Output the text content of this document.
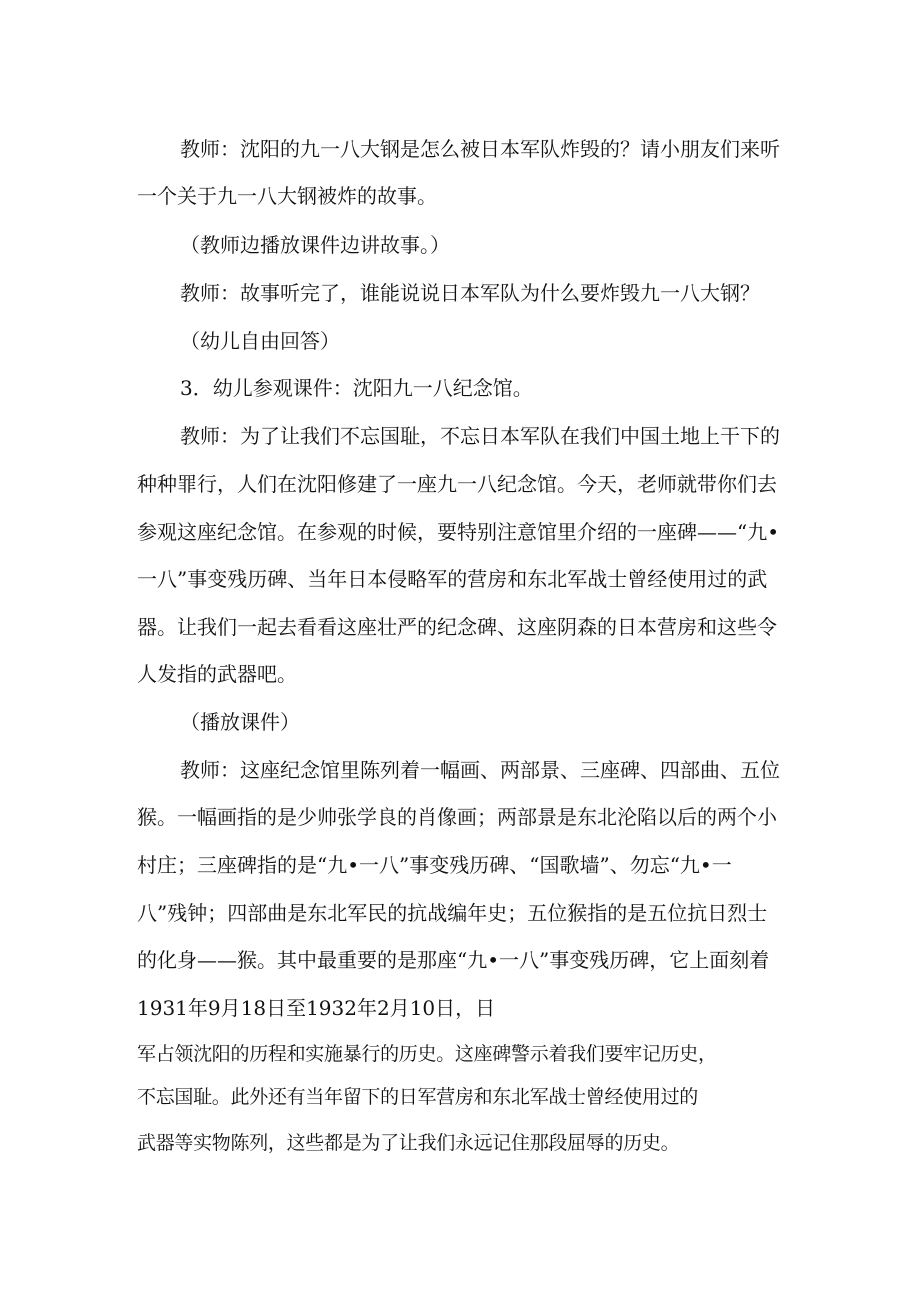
教师：沈阳的九一八大钢是怎么被日本军队炸毁的？请小朋友们来听
一个关于九一八大钢被炸的故事。
（教师边播放课件边讲故事。）
教师：故事听完了，谁能说说日本军队为什么要炸毁九一八大钢？
（幼儿自由回答）
3．幼儿参观课件：沈阳九一八纪念馆。
教师：为了让我们不忘国耻，不忘日本军队在我们中国土地上干下的
种种罪行，人们在沈阳修建了一座九一八纪念馆。今天，老师就带你们去
参观这座纪念馆。在参观的时候，要特别注意馆里介绍的一座碑——“九•
一八”事变残历碑、当年日本侵略军的营房和东北军战士曾经使用过的武
器。让我们一起去看看这座壮严的纪念碑、这座阴森的日本营房和这些令
人发指的武器吧。
（播放课件）
教师：这座纪念馆里陈列着一幅画、两部景、三座碑、四部曲、五位
猴。一幅画指的是少帅张学良的肖像画；两部景是东北沦陷以后的两个小
村庄；三座碑指的是“九•一八”事变残历碑、“国歌墙”、勿忘“九•一
八”残钟；四部曲是东北军民的抗战编年史；五位猴指的是五位抗日烈士
的化身——猴。其中最重要的是那座“九•一八”事变残历碑，它上面刻着
1931年9月18日至1932年2月10日，日
军占领沈阳的历程和实施暴行的历史。这座碑警示着我们要牢记历史，
不忘国耻。此外还有当年留下的日军营房和东北军战士曾经使用过的
武器等实物陈列，这些都是为了让我们永远记住那段屈辱的历史。
